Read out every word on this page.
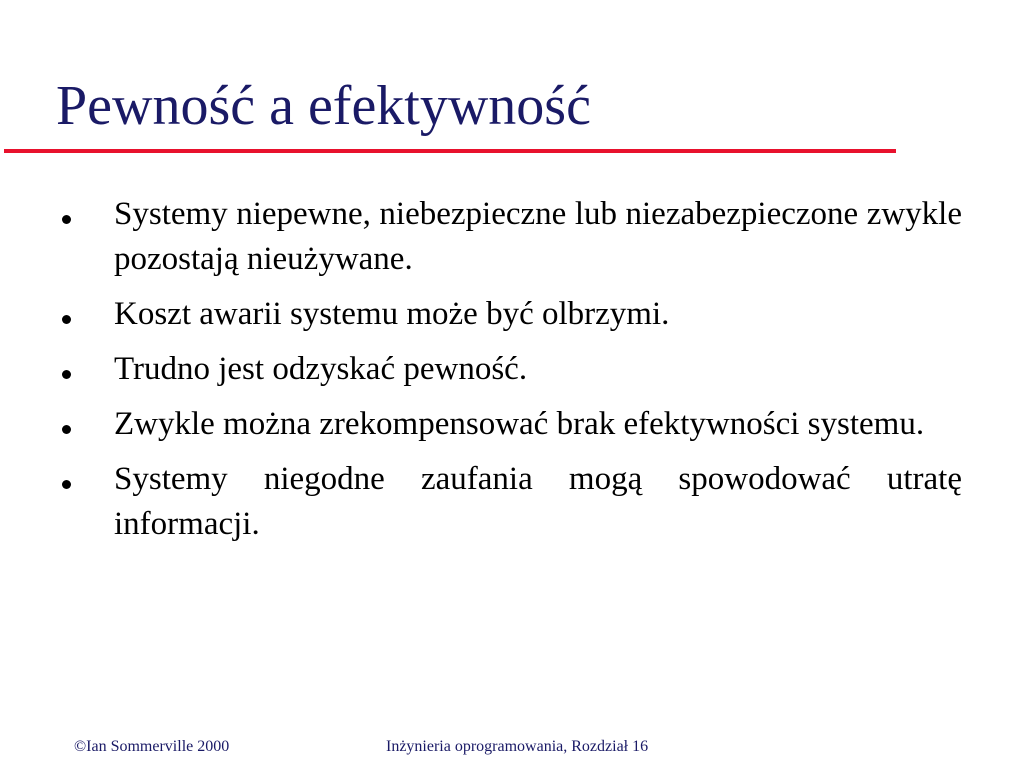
Pewność a efektywność
Systemy niepewne, niebezpieczne lub niezabezpieczone zwykle pozostają nieużywane.
Koszt awarii systemu może być olbrzymi.
Trudno jest odzyskać pewność.
Zwykle można zrekompensować brak efektywności systemu.
Systemy niegodne zaufania mogą spowodować utratę informacji.
©Ian Sommerville 2000	Inżynieria oprogramowania, Rozdział 16
